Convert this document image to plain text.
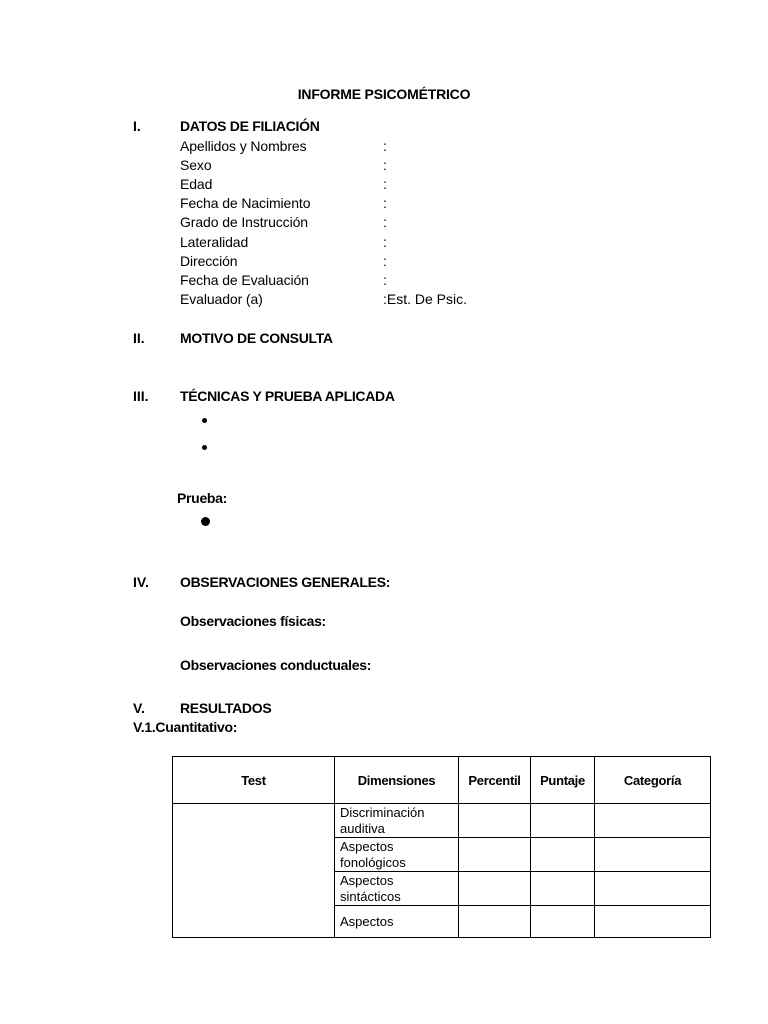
INFORME PSICOMÉTRICO
I.	DATOS DE FILIACIÓN
Apellidos y Nombres	:
Sexo	:
Edad	:
Fecha de Nacimiento	:
Grado de Instrucción	:
Lateralidad	:
Dirección	:
Fecha de Evaluación	:
Evaluador (a)	:Est. De Psic.
II.	MOTIVO DE CONSULTA
III. TÉCNICAS Y PRUEBA APLICADA
Prueba:
IV. OBSERVACIONES GENERALES:
Observaciones físicas:
Observaciones conductuales:
V.	RESULTADOS
V.1.Cuantitativo:
Test	Dimensiones	Percentil	Puntaje	Categoría
	Discriminación auditiva			
	Aspectos fonológicos			
	Aspectos sintácticos			
	Aspectos			
